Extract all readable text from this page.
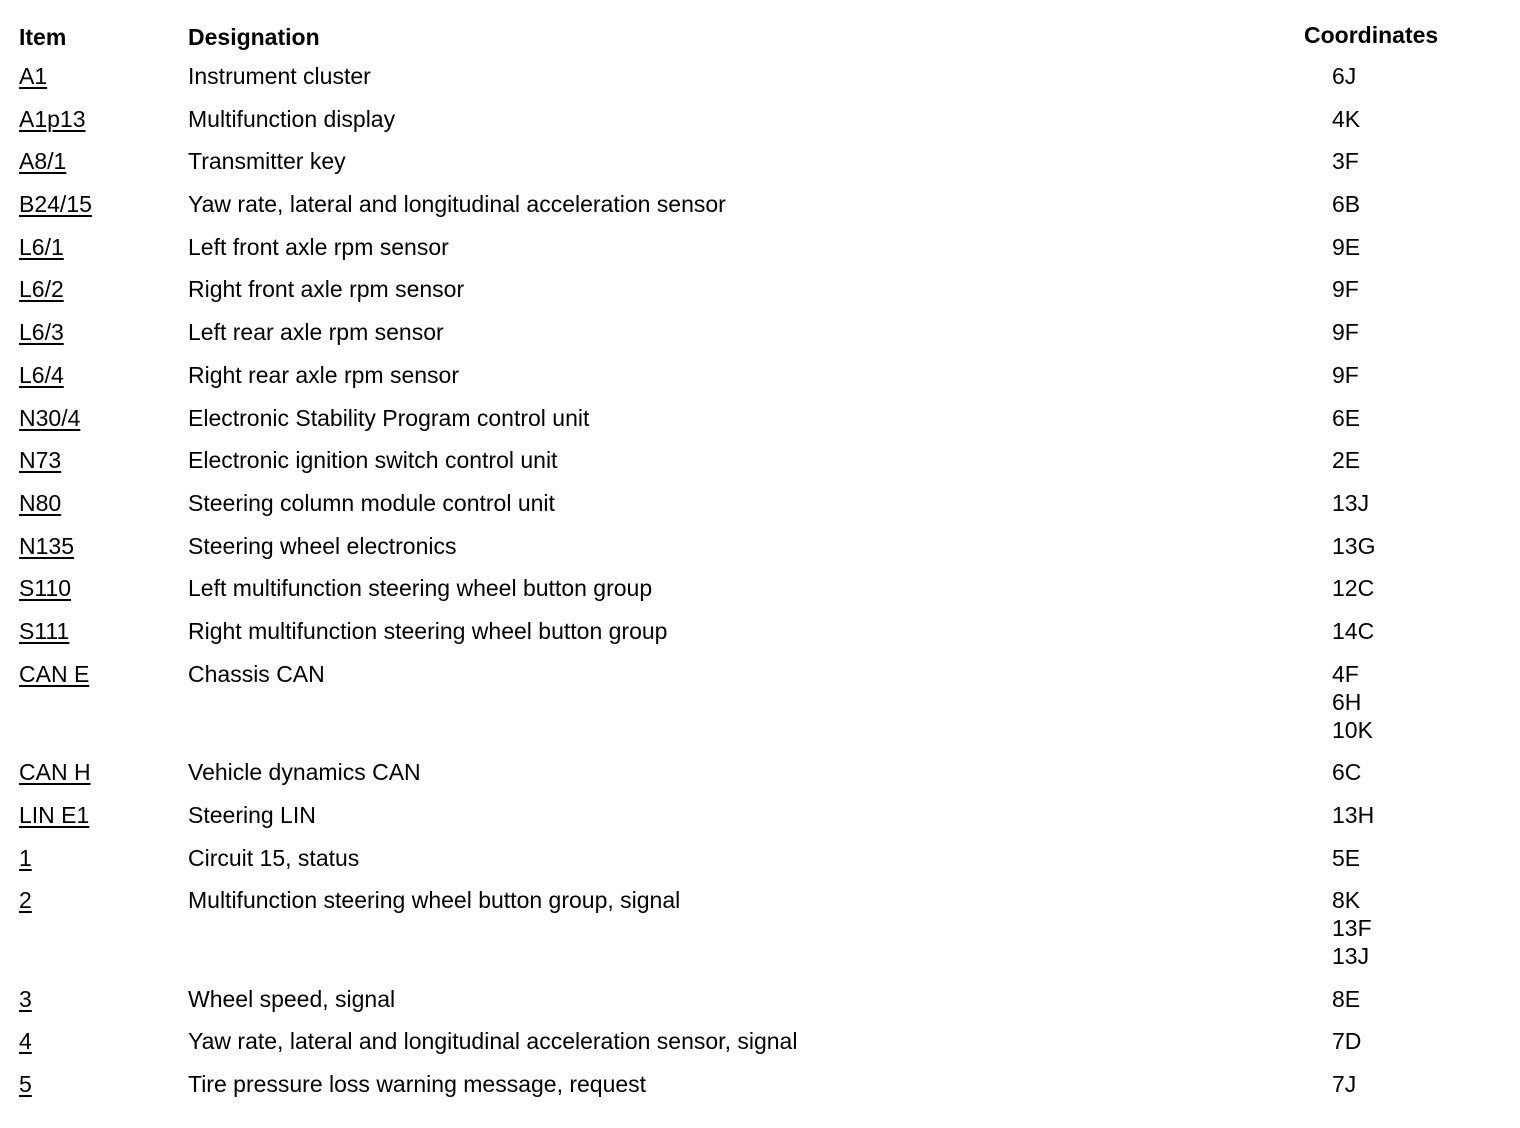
Item	Designation	Coordinates
A1	Instrument cluster	6J
A1p13	Multifunction display	4K
A8/1	Transmitter key	3F
B24/15	Yaw rate, lateral and longitudinal acceleration sensor	6B
L6/1	Left front axle rpm sensor	9E
L6/2	Right front axle rpm sensor	9F
L6/3	Left rear axle rpm sensor	9F
L6/4	Right rear axle rpm sensor	9F
N30/4	Electronic Stability Program control unit	6E
N73	Electronic ignition switch control unit	2E
N80	Steering column module control unit	13J
N135	Steering wheel electronics	13G
S110	Left multifunction steering wheel button group	12C
S111	Right multifunction steering wheel button group	14C
CAN E	Chassis CAN	4F
6H
10K
CAN H	Vehicle dynamics CAN	6C
LIN E1	Steering LIN	13H
1	Circuit 15, status	5E
2	Multifunction steering wheel button group, signal	8K
13F
13J
3	Wheel speed, signal	8E
4	Yaw rate, lateral and longitudinal acceleration sensor, signal	7D
5	Tire pressure loss warning message, request	7J
